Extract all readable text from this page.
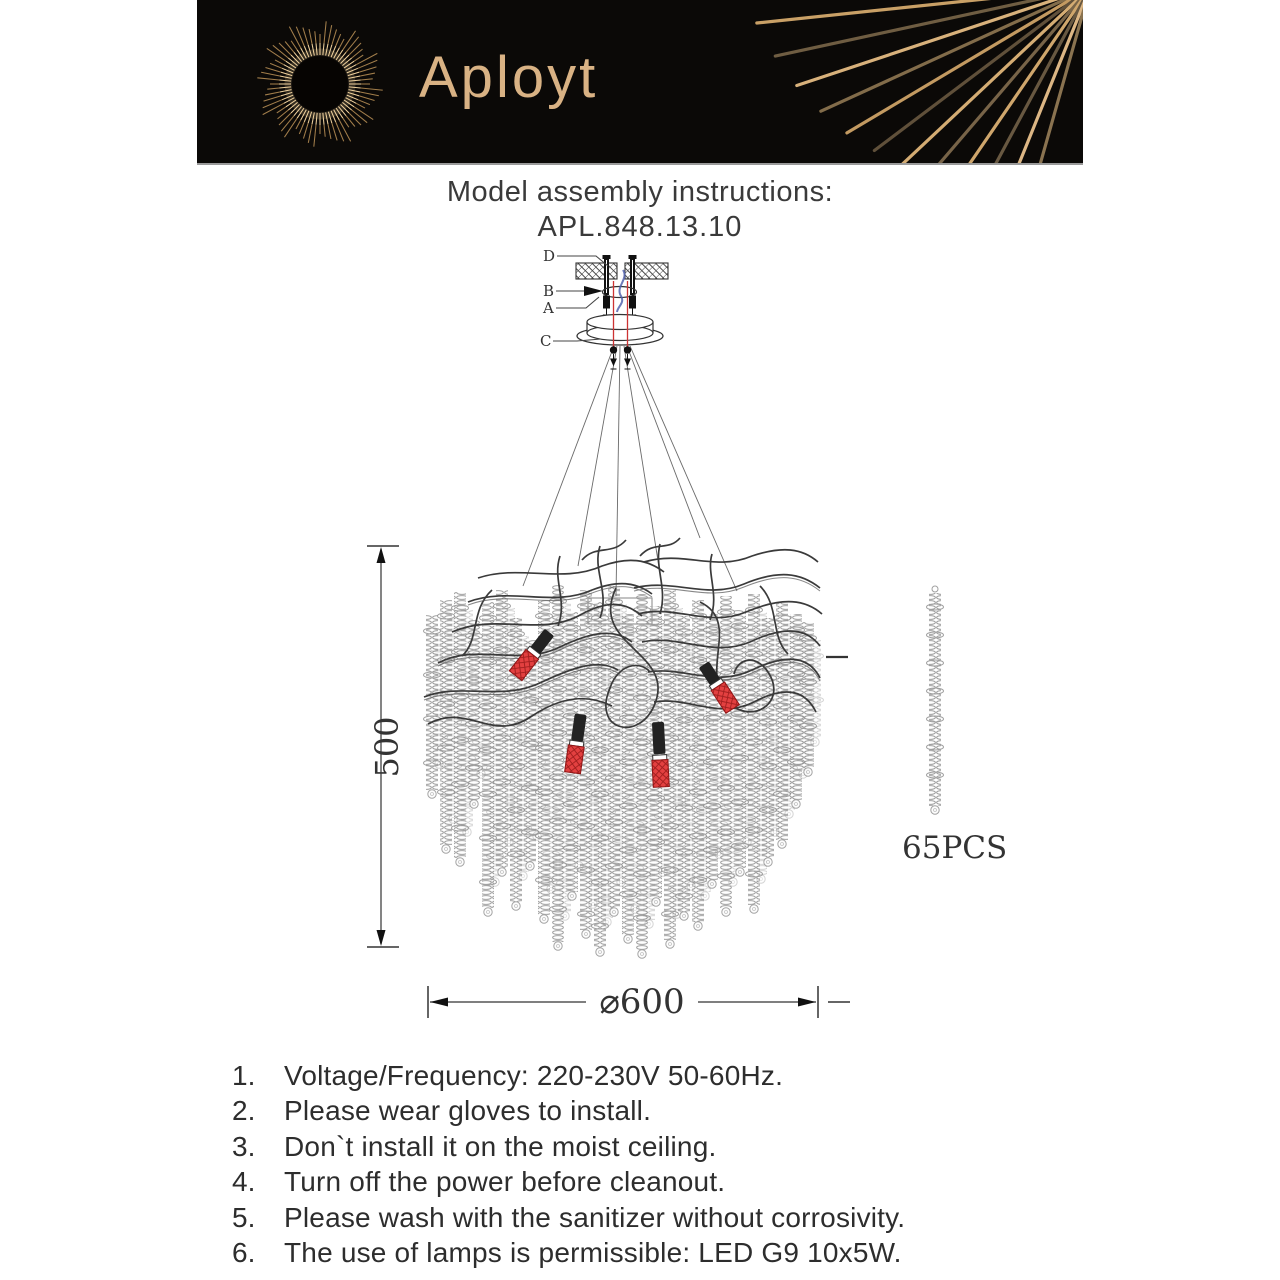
Aployt
Model assembly instructions:
APL.848.13.10
D
B
A
C
500
⌀600
65PCS
1.	Voltage/Frequency: 220-230V 50-60Hz.
2.	Please wear gloves to install.
3.	Don`t install it on the moist ceiling.
4.	Turn off the power before cleanout.
5.	Please wash with the sanitizer without corrosivity.
6.	The use of lamps is permissible: LED G9 10x5W.
